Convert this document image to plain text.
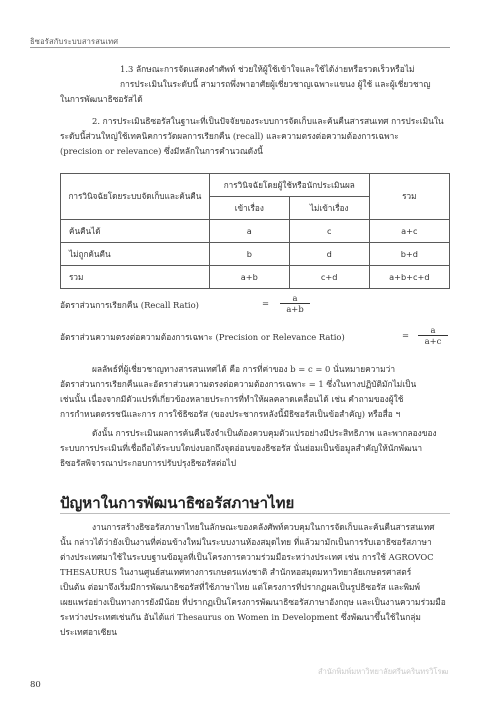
ธิซอรัสกับระบบสารสนเทศ
1.3 ลักษณะการจัดแสดงคำศัพท์ ช่วยให้ผู้ใช้เข้าใจและใช้ได้ง่ายหรือรวดเร็วหรือไม่
การประเมินในระดับนี้ สามารถพึ่งพาอาศัยผู้เชี่ยวชาญเฉพาะแขนง ผู้ใช้ และผู้เชี่ยวชาญ
ในการพัฒนาธิซอรัสได้
2. การประเมินธิซอรัสในฐานะที่เป็นปัจจัยของระบบการจัดเก็บและค้นคืนสารสนเทศ การประเมินใน
ระดับนี้ส่วนใหญ่ใช้เทคนิคการวัดผลการเรียกคืน (recall) และความตรงต่อความต้องการเฉพาะ
(precision or relevance) ซึ่งมีหลักในการคำนวณดังนี้
การวินิจฉัยโดยระบบจัดเก็บและค้นคืน	การวินิจฉัยโดยผู้ใช้หรือนักประเมินผล		รวม
	เข้าเรื่อง	ไม่เข้าเรื่อง	
ค้นคืนได้	a	c	a+c
ไม่ถูกค้นคืน	b	d	b+d
รวม	a+b	c+d	a+b+c+d
อัตราส่วนการเรียกคืน (Recall Ratio)	= $\frac{a}{a+b}$
อัตราส่วนความตรงต่อความต้องการเฉพาะ (Precision or Relevance Ratio)	= $\frac{a}{a+c}$
ผลลัพธ์ที่ผู้เชี่ยวชาญทางสารสนเทศได้ คือ การที่ค่าของ b = c = 0 นั่นหมายความว่า
อัตราส่วนการเรียกคืนและอัตราส่วนความตรงต่อความต้องการเฉพาะ = 1 ซึ่งในทางปฏิบัติมักไม่เป็น
เช่นนั้น เนื่องจากมีตัวแปรที่เกี่ยวข้องหลายประการที่ทำให้ผลคลาดเคลื่อนได้ เช่น คำถามของผู้ใช้
การกำหนดดรรชนีและการ การใช้ธิซอรัส (ของประชากรหลังนี้มีธิซอรัสเป็นข้อสำคัญ) หรือสื่อ ฯ
ดังนั้น การประเมินผลการค้นคืนจึงจำเป็นต้องควบคุมตัวแปรอย่างมีประสิทธิภาพ และพากลองของ
ระบบการประเมินที่เชื่อถือได้ระบบใดบ่งบอกถึงจุดอ่อนของธิซอรัส นั่นย่อมเป็นข้อมูลสำคัญให้นักพัฒนา
ธิซอรัสพิจารณาประกอบการปรับปรุงธิซอรัสต่อไป
ปัญหาในการพัฒนาธิซอรัสภาษาไทย
งานการสร้างธิซอรัสภาษาไทยในลักษณะของคลังศัพท์ควบคุมในการจัดเก็บและค้นคืนสารสนเทศ
นั้น กล่าวได้ว่ายังเป็นงานที่ค่อนข้างใหม่ในระบบงานห้องสมุดไทย ที่แล้วมามักเป็นการรับเอาธิซอรัสภาษา
ต่างประเทศมาใช้ในระบบฐานข้อมูลที่เป็นโครงการความร่วมมือระหว่างประเทศ เช่น การใช้ AGROVOC
THESAURUS ในงานศูนย์สนเทศทางการเกษตรแห่งชาติ สำนักหอสมุดมหาวิทยาลัยเกษตรศาสตร์
เป็นต้น ต่อมาจึงเริ่มมีการพัฒนาธิซอรัสที่ใช้ภาษาไทย แต่โครงการที่ปรากฏผลเป็นรูปธิซอรัส และพิมพ์
เผยแพร่อย่างเป็นทางการยังมีน้อย ที่ปรากฏเป็นโครงการพัฒนาธิซอรัสภาษาอังกฤษ และเป็นงานความร่วมมือ
ระหว่างประเทศเช่นกัน อันได้แก่ Thesaurus on Women in Development ซึ่งพัฒนาขึ้นใช้ในกลุ่ม
ประเทศอาเซียน
สำนักพิมพ์มหาวิทยาลัยศรีนครินทรวิโรฒ
80
